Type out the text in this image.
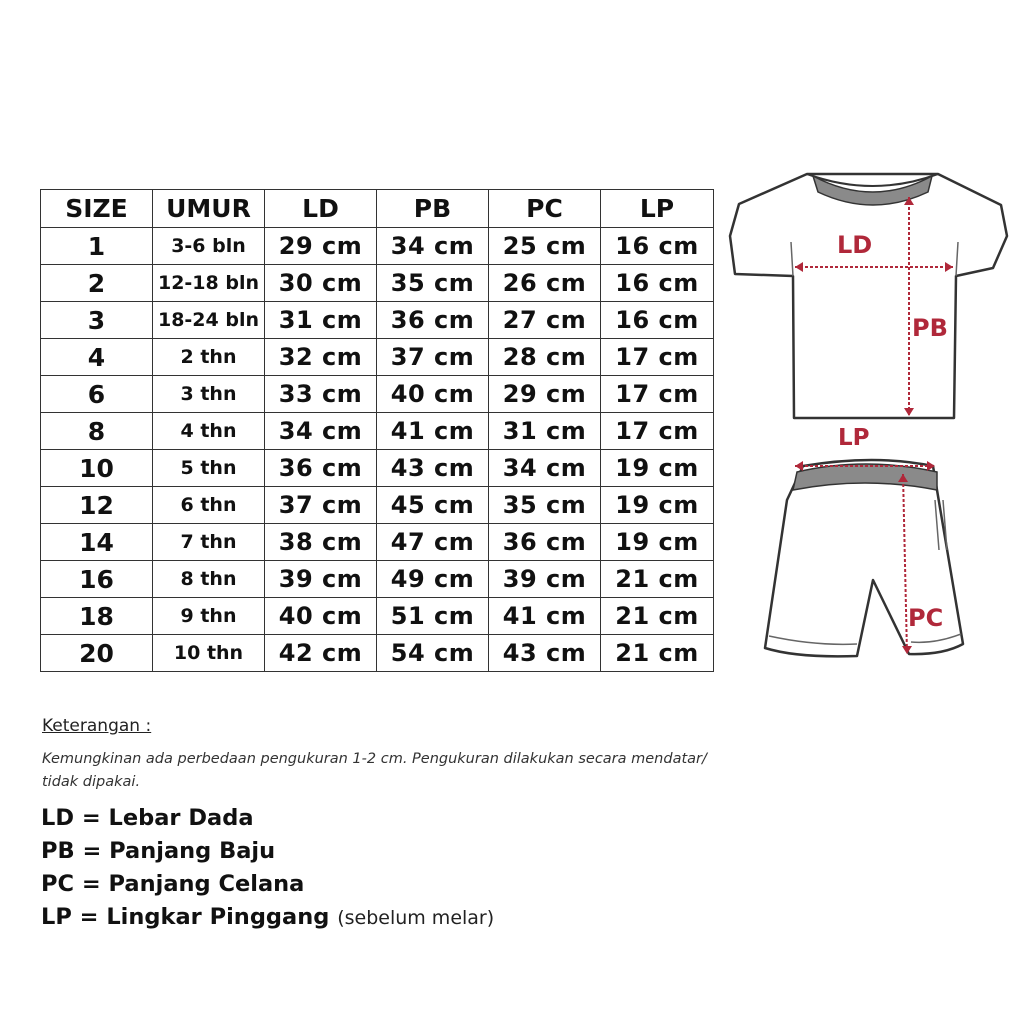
SIZE	UMUR	LD	PB	PC	LP
1	3-6 bln	29 cm	34 cm	25 cm	16 cm
2	12-18 bln	30 cm	35 cm	26 cm	16 cm
3	18-24 bln	31 cm	36 cm	27 cm	16 cm
4	2 thn	32 cm	37 cm	28 cm	17 cm
6	3 thn	33 cm	40 cm	29 cm	17 cm
8	4 thn	34 cm	41 cm	31 cm	17 cm
10	5 thn	36 cm	43 cm	34 cm	19 cm
12	6 thn	37 cm	45 cm	35 cm	19 cm
14	7 thn	38 cm	47 cm	36 cm	19 cm
16	8 thn	39 cm	49 cm	39 cm	21 cm
18	9 thn	40 cm	51 cm	41 cm	21 cm
20	10 thn	42 cm	54 cm	43 cm	21 cm
LD
PB
LP
PC
Keterangan :
Kemungkinan ada perbedaan pengukuran 1-2 cm. Pengukuran dilakukan secara mendatar/ tidak dipakai.
LD = Lebar Dada
PB = Panjang Baju
PC = Panjang Celana
LP = Lingkar Pinggang (sebelum melar)
